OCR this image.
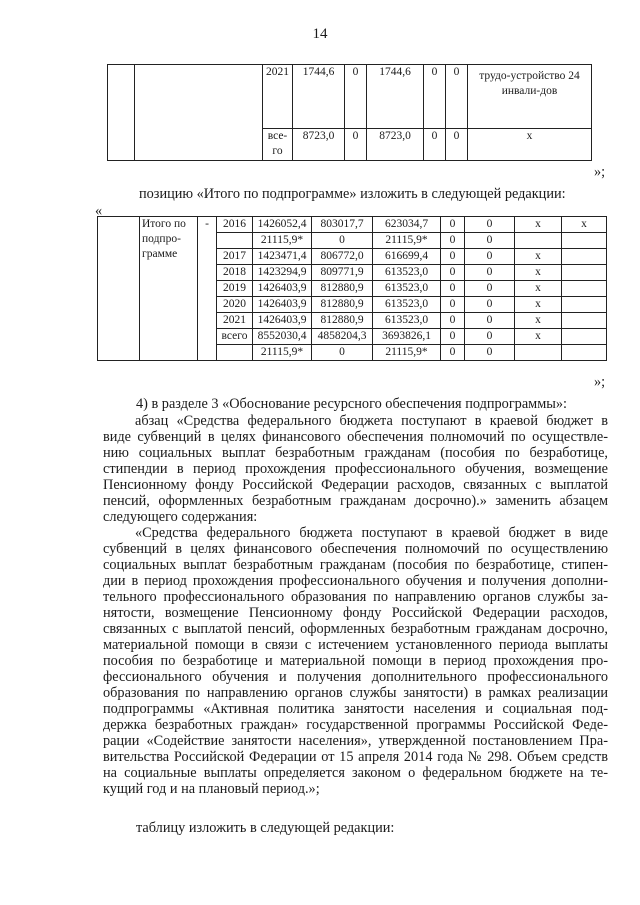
14
		2021	1744,6	0	1744,6	0	0	трудо-устройство 24 инвали-дов
		все-го	8723,0	0	8723,0	0	0	х
»;
позицию «Итого по подпрограмме» изложить в следующей редакции:
«
	Итого по подпро-грамме	-	2016	1426052,4	803017,7	623034,7	0	0	х	х
				21115,9*	0	21115,9*	0	0		
			2017	1423471,4	806772,0	616699,4	0	0	х	
			2018	1423294,9	809771,9	613523,0	0	0	х	
			2019	1426403,9	812880,9	613523,0	0	0	х	
			2020	1426403,9	812880,9	613523,0	0	0	х	
			2021	1426403,9	812880,9	613523,0	0	0	х	
			всего	8552030,4	4858204,3	3693826,1	0	0	х	
				21115,9*	0	21115,9*	0	0		
»;
4) в разделе 3 «Обоснование ресурсного обеспечения подпрограммы»:
абзац «Средства федерального бюджета поступают в краевой бюджет в
виде субвенций в целях финансового обеспечения полномочий по осуществле-
нию социальных выплат безработным гражданам (пособия по безработице,
стипендии в период прохождения профессионального обучения, возмещение
Пенсионному фонду Российской Федерации расходов, связанных с выплатой
пенсий, оформленных безработным гражданам досрочно).» заменить абзацем
следующего содержания:
«Средства федерального бюджета поступают в краевой бюджет в виде
субвенций в целях финансового обеспечения полномочий по осуществлению
социальных выплат безработным гражданам (пособия по безработице, стипен-
дии в период прохождения профессионального обучения и получения дополни-
тельного профессионального образования по направлению органов службы за-
нятости, возмещение Пенсионному фонду Российской Федерации расходов,
связанных с выплатой пенсий, оформленных безработным гражданам досрочно,
материальной помощи в связи с истечением установленного периода выплаты
пособия по безработице и материальной помощи в период прохождения про-
фессионального обучения и получения дополнительного профессионального
образования по направлению органов службы занятости) в рамках реализации
подпрограммы «Активная политика занятости населения и социальная под-
держка безработных граждан» государственной программы Российской Феде-
рации «Содействие занятости населения», утвержденной постановлением Пра-
вительства Российской Федерации от 15 апреля 2014 года № 298. Объем средств
на социальные выплаты определяется законом о федеральном бюджете на те-
кущий год и на плановый период.»;
таблицу изложить в следующей редакции:
